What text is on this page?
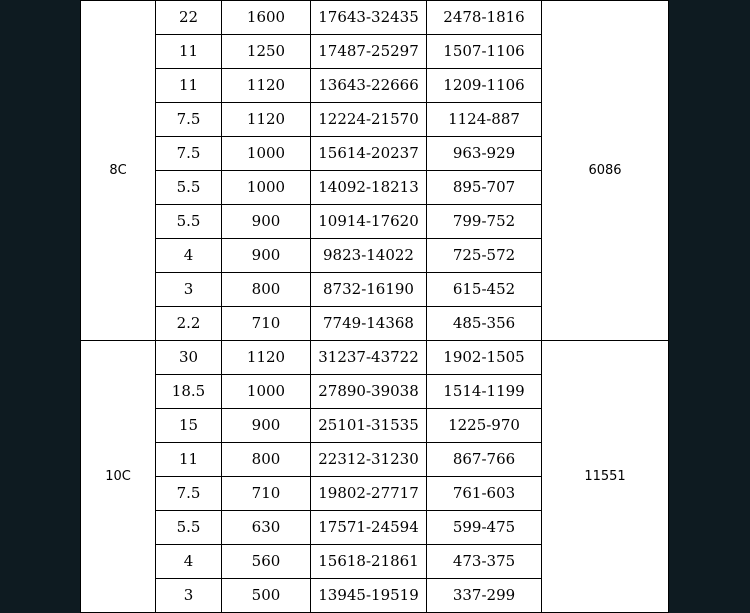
8C	22	1600	17643-32435	2478-1816	6086
	11	1250	17487-25297	1507-1106	
	11	1120	13643-22666	1209-1106	
	7.5	1120	12224-21570	1124-887	
	7.5	1000	15614-20237	963-929	
	5.5	1000	14092-18213	895-707	
	5.5	900	10914-17620	799-752	
	4	900	9823-14022	725-572	
	3	800	8732-16190	615-452	
	2.2	710	7749-14368	485-356	
10C	30	1120	31237-43722	1902-1505	11551
	18.5	1000	27890-39038	1514-1199	
	15	900	25101-31535	1225-970	
	11	800	22312-31230	867-766	
	7.5	710	19802-27717	761-603	
	5.5	630	17571-24594	599-475	
	4	560	15618-21861	473-375	
	3	500	13945-19519	337-299	
